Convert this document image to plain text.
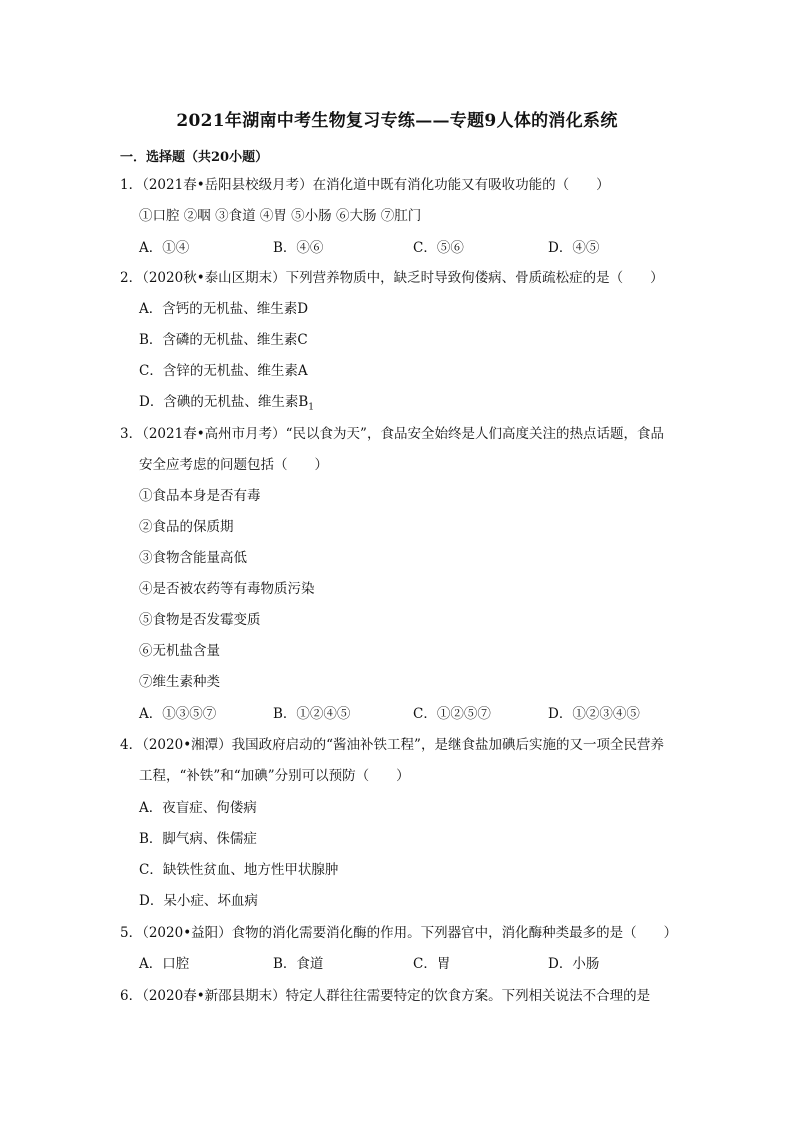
2021年湖南中考生物复习专练——专题9人体的消化系统
一．选择题（共20小题）
1．（2021春•岳阳县校级月考）在消化道中既有消化功能又有吸收功能的（　　）
①口腔 ②咽 ③食道 ④胃 ⑤小肠 ⑥大肠 ⑦肛门
A．①④	B．④⑥	C．⑤⑥	D．④⑤
2．（2020秋•泰山区期末）下列营养物质中，缺乏时导致佝偻病、骨质疏松症的是（　　）
A．含钙的无机盐、维生素D
B．含磷的无机盐、维生素C
C．含锌的无机盐、维生素A
D．含碘的无机盐、维生素$B_1$
3．（2021春•高州市月考）“民以食为天”，食品安全始终是人们高度关注的热点话题，食品
安全应考虑的问题包括（　　）
①食品本身是否有毒
②食品的保质期
③食物含能量高低
④是否被农药等有毒物质污染
⑤食物是否发霉变质
⑥无机盐含量
⑦维生素种类
A．①③⑤⑦	B．①②④⑤	C．①②⑤⑦	D．①②③④⑤
4．（2020•湘潭）我国政府启动的“酱油补铁工程”，是继食盐加碘后实施的又一项全民营养
工程，“补铁”和“加碘”分别可以预防（　　）
A．夜盲症、佝偻病
B．脚气病、侏儒症
C．缺铁性贫血、地方性甲状腺肿
D．呆小症、坏血病
5．（2020•益阳）食物的消化需要消化酶的作用。下列器官中，消化酶种类最多的是（　　）
A．口腔	B．食道	C．胃	D．小肠
6．（2020春•新邵县期末）特定人群往往需要特定的饮食方案。下列相关说法不合理的是
